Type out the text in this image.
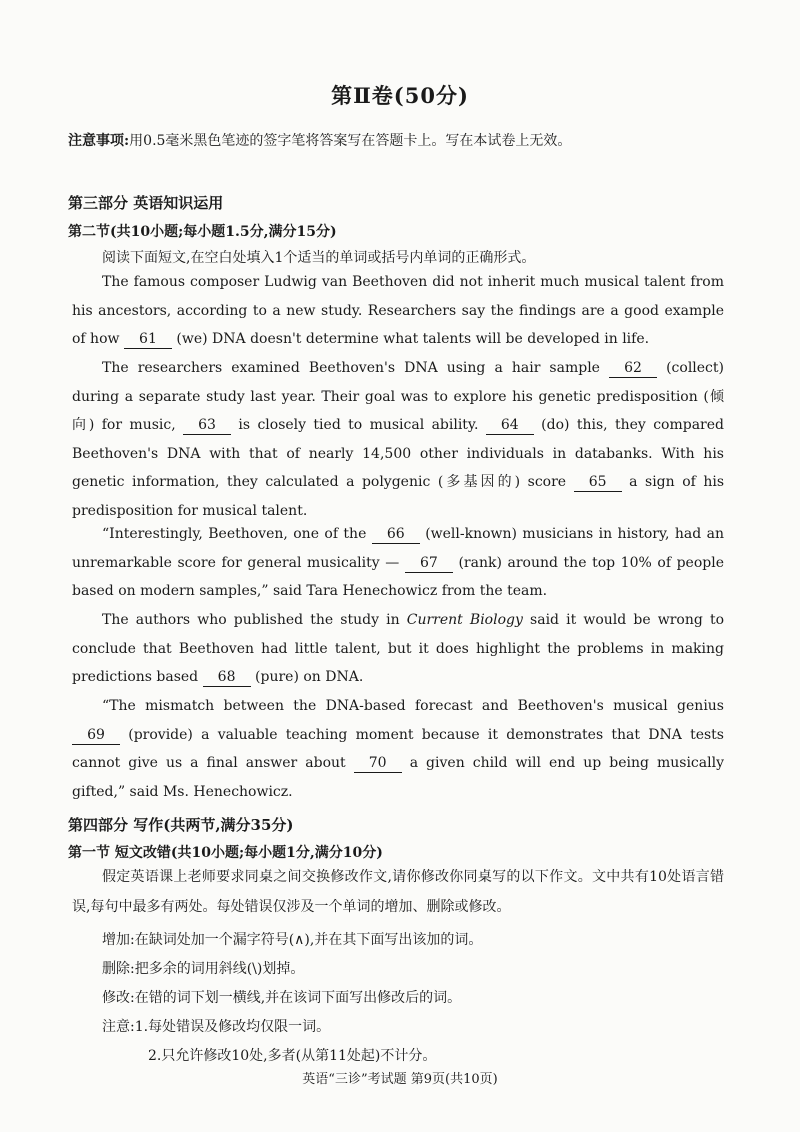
第Ⅱ卷(50分)
注意事项:用0.5毫米黑色笔迹的签字笔将答案写在答题卡上。写在本试卷上无效。
第三部分 英语知识运用
第二节(共10小题;每小题1.5分,满分15分)
阅读下面短文,在空白处填入1个适当的单词或括号内单词的正确形式。
The famous composer Ludwig van Beethoven did not inherit much musical talent from his ancestors, according to a new study. Researchers say the findings are a good example of how 61 (we) DNA doesn't determine what talents will be developed in life.
The researchers examined Beethoven's DNA using a hair sample 62 (collect) during a separate study last year. Their goal was to explore his genetic predisposition (倾向) for music, 63 is closely tied to musical ability. 64 (do) this, they compared Beethoven's DNA with that of nearly 14,500 other individuals in databanks. With his genetic information, they calculated a polygenic (多基因的) score 65 a sign of his predisposition for musical talent.
“Interestingly, Beethoven, one of the 66 (well-known) musicians in history, had an unremarkable score for general musicality — 67 (rank) around the top 10% of people based on modern samples,” said Tara Henechowicz from the team.
The authors who published the study in Current Biology said it would be wrong to conclude that Beethoven had little talent, but it does highlight the problems in making predictions based 68 (pure) on DNA.
“The mismatch between the DNA-based forecast and Beethoven's musical genius 69 (provide) a valuable teaching moment because it demonstrates that DNA tests cannot give us a final answer about 70 a given child will end up being musically gifted,” said Ms. Henechowicz.
第四部分 写作(共两节,满分35分)
第一节 短文改错(共10小题;每小题1分,满分10分)
假定英语课上老师要求同桌之间交换修改作文,请你修改你同桌写的以下作文。文中共有10处语言错误,每句中最多有两处。每处错误仅涉及一个单词的增加、删除或修改。
增加:在缺词处加一个漏字符号(∧),并在其下面写出该加的词。
删除:把多余的词用斜线(\)划掉。
修改:在错的词下划一横线,并在该词下面写出修改后的词。
注意:1.每处错误及修改均仅限一词。
2.只允许修改10处,多者(从第11处起)不计分。
英语“三诊”考试题 第9页(共10页)
